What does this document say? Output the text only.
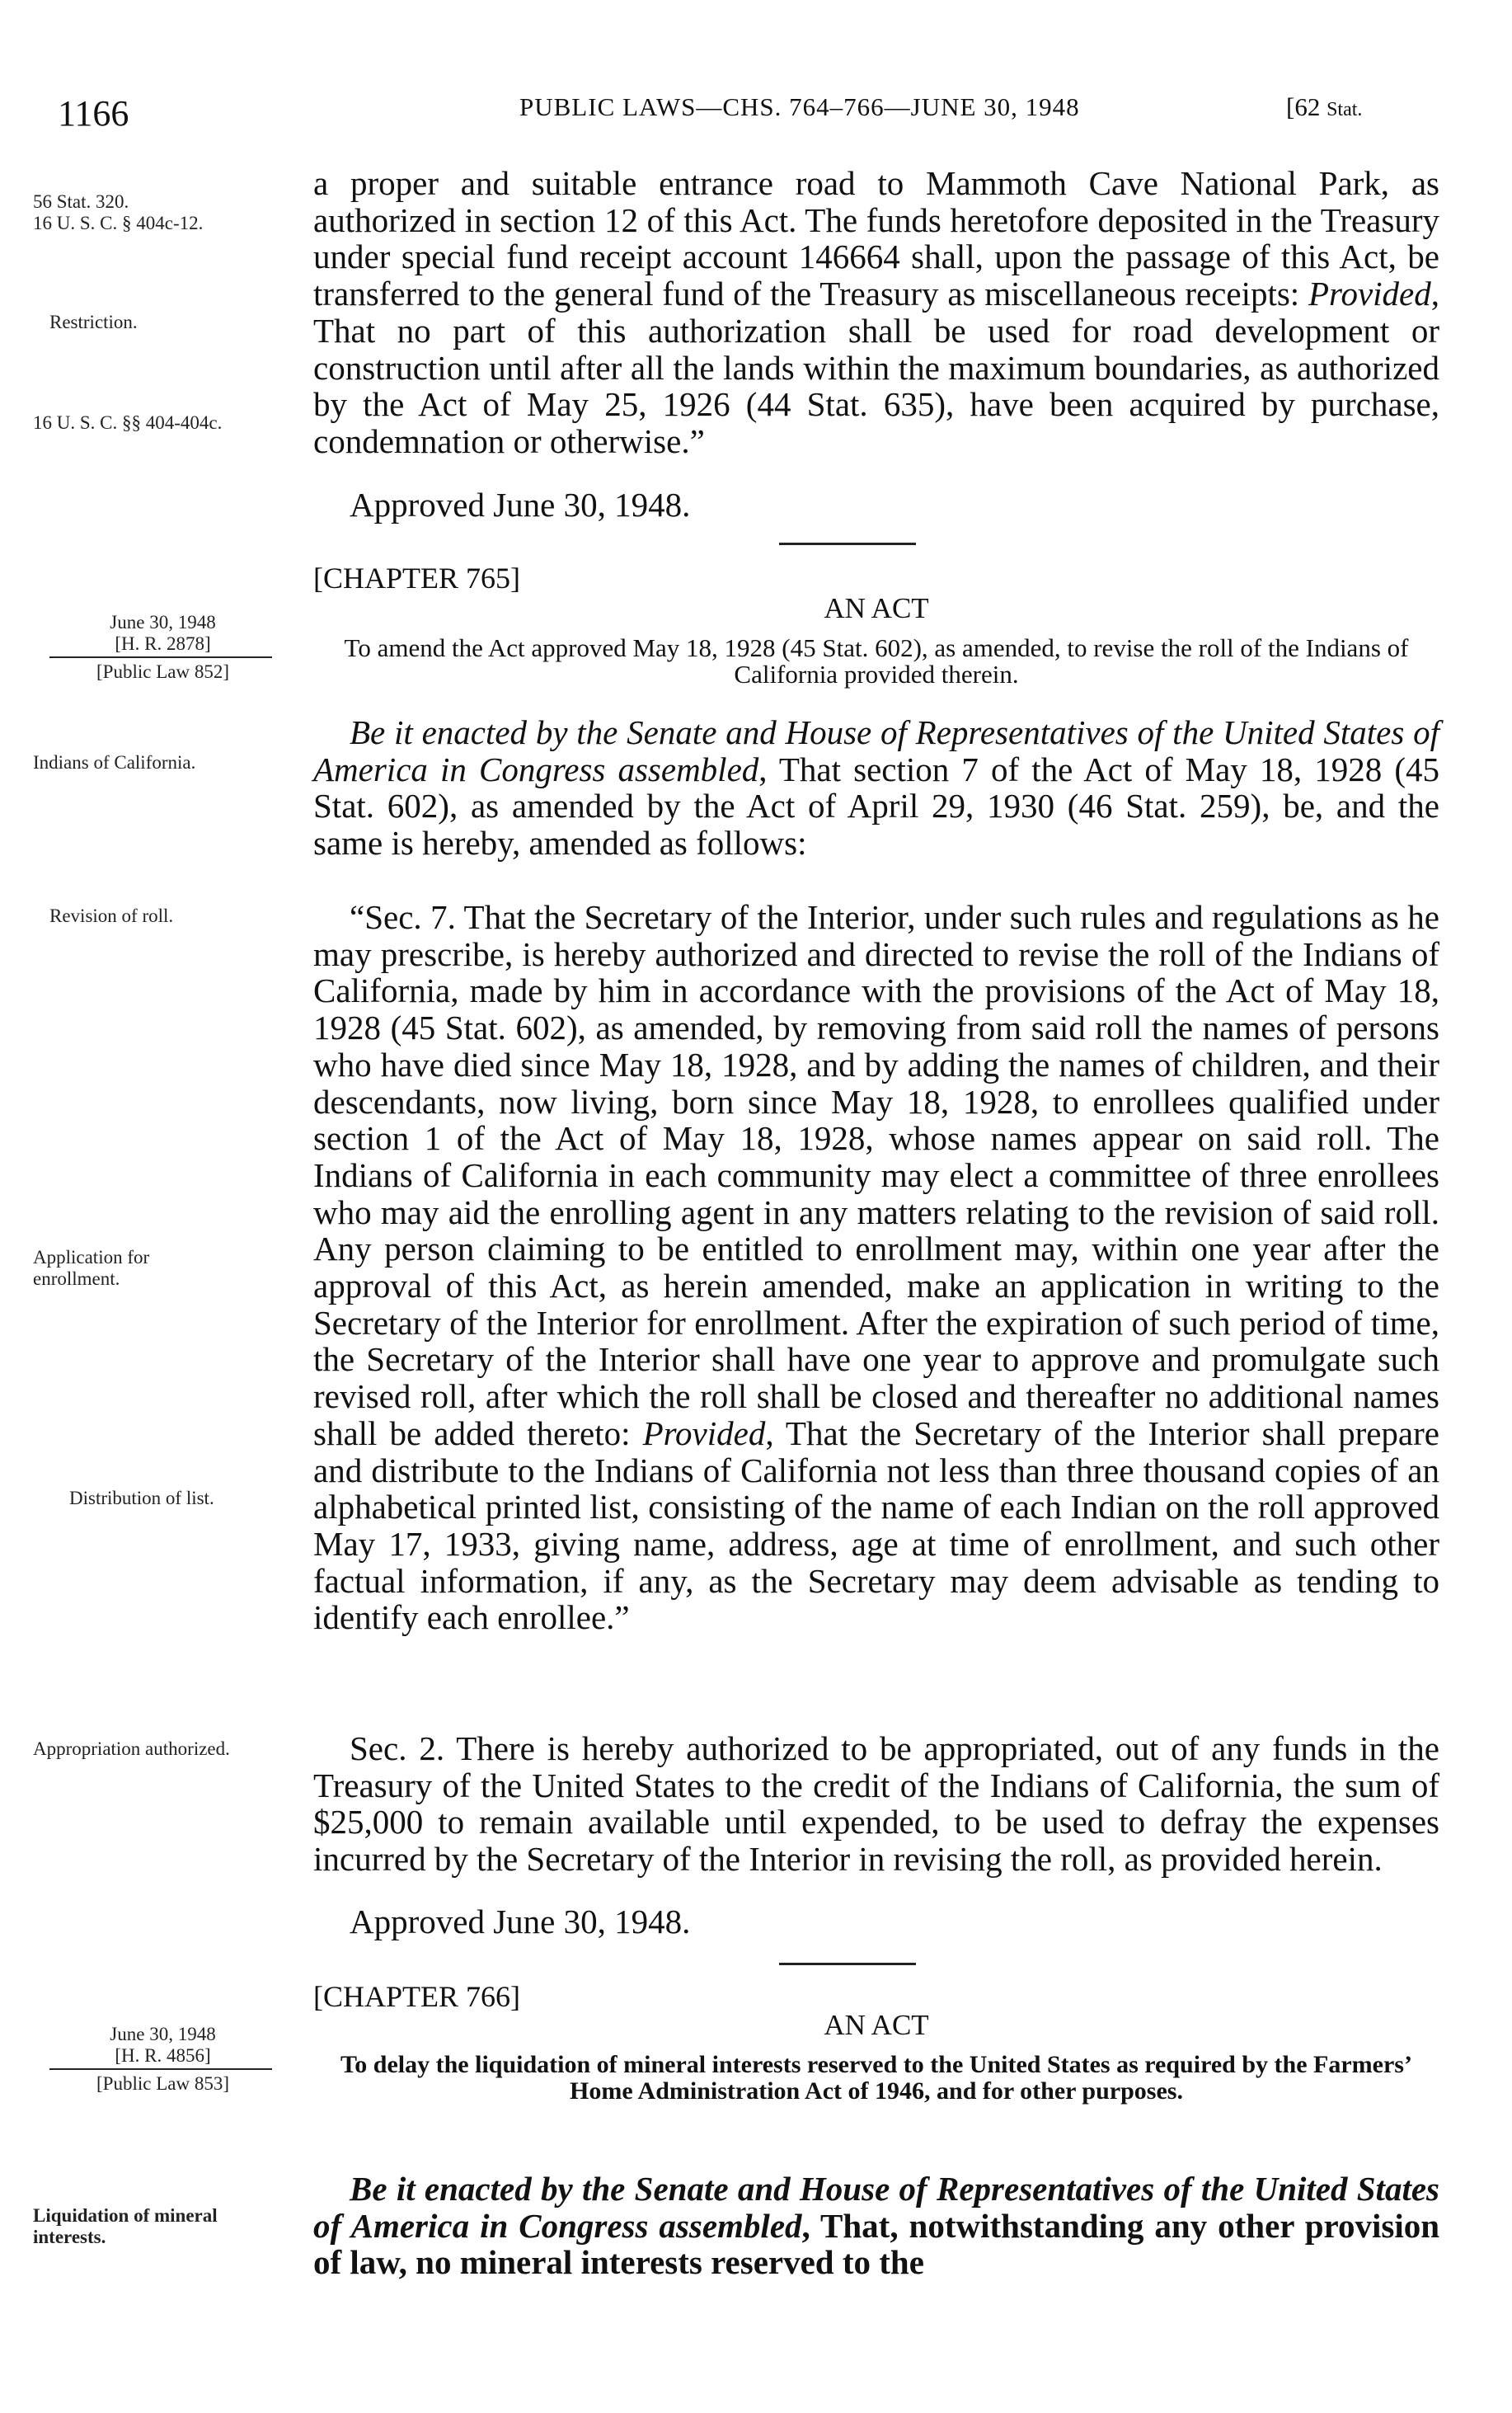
1166	PUBLIC LAWS—CHS. 764–766—JUNE 30, 1948	[62 Stat.
56 Stat. 320.
16 U. S. C. § 404c-12.
Restriction.
16 U. S. C. §§ 404-404c.
June 30, 1948
[H. R. 2878]
[Public Law 852]
Indians of California.
Revision of roll.
Application for enrollment.
Distribution of list.
Appropriation authorized.
June 30, 1948
[H. R. 4856]
[Public Law 853]
Liquidation of mineral interests.

a proper and suitable entrance road to Mammoth Cave National Park, as authorized in section 12 of this Act. The funds heretofore deposited in the Treasury under special fund receipt account 146664 shall, upon the passage of this Act, be transferred to the general fund of the Treasury as miscellaneous receipts: Provided, That no part of this authorization shall be used for road development or construction until after all the lands within the maximum boundaries, as authorized by the Act of May 25, 1926 (44 Stat. 635), have been acquired by purchase, condemnation or otherwise.”

Approved June 30, 1948.
[CHAPTER 765]
AN ACT
To amend the Act approved May 18, 1928 (45 Stat. 602), as amended, to revise the roll of the Indians of California provided therein.

Be it enacted by the Senate and House of Representatives of the United States of America in Congress assembled, That section 7 of the Act of May 18, 1928 (45 Stat. 602), as amended by the Act of April 29, 1930 (46 Stat. 259), be, and the same is hereby, amended as follows:

“Sec. 7. That the Secretary of the Interior, under such rules and regulations as he may prescribe, is hereby authorized and directed to revise the roll of the Indians of California, made by him in accordance with the provisions of the Act of May 18, 1928 (45 Stat. 602), as amended, by removing from said roll the names of persons who have died since May 18, 1928, and by adding the names of children, and their descendants, now living, born since May 18, 1928, to enrollees qualified under section 1 of the Act of May 18, 1928, whose names appear on said roll. The Indians of California in each community may elect a committee of three enrollees who may aid the enrolling agent in any matters relating to the revision of said roll. Any person claiming to be entitled to enrollment may, within one year after the approval of this Act, as herein amended, make an application in writing to the Secretary of the Interior for enrollment. After the expiration of such period of time, the Secretary of the Interior shall have one year to approve and promulgate such revised roll, after which the roll shall be closed and thereafter no additional names shall be added thereto: Provided, That the Secretary of the Interior shall prepare and distribute to the Indians of California not less than three thousand copies of an alphabetical printed list, consisting of the name of each Indian on the roll approved May 17, 1933, giving name, address, age at time of enrollment, and such other factual information, if any, as the Secretary may deem advisable as tending to identify each enrollee.”

Sec. 2. There is hereby authorized to be appropriated, out of any funds in the Treasury of the United States to the credit of the Indians of California, the sum of $25,000 to remain available until expended, to be used to defray the expenses incurred by the Secretary of the Interior in revising the roll, as provided herein.

Approved June 30, 1948.
[CHAPTER 766]
AN ACT
To delay the liquidation of mineral interests reserved to the United States as required by the Farmers’ Home Administration Act of 1946, and for other purposes.

Be it enacted by the Senate and House of Representatives of the United States of America in Congress assembled, That, notwithstanding any other provision of law, no mineral interests reserved to the
